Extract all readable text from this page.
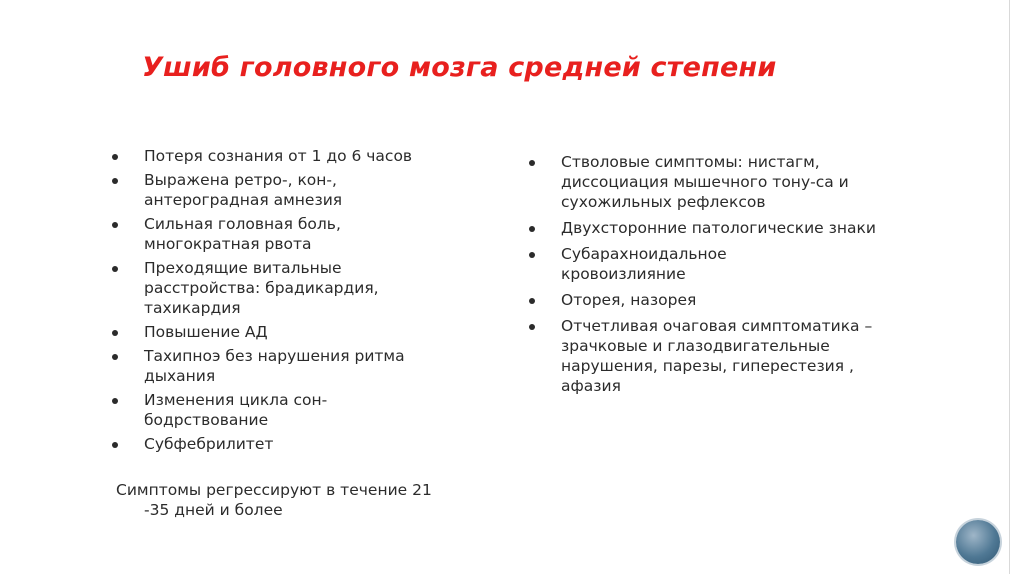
Ушиб головного мозга средней степени
Потеря сознания от 1 до 6 часов
Выражена ретро-, кон-, антероградная амнезия
Сильная головная боль, многократная рвота
Преходящие витальные расстройства: брадикардия, тахикардия
Повышение АД
Тахипноэ без нарушения ритма дыхания
Изменения цикла сон-бодрствование
Субфебрилитет
Симптомы регрессируют в течение 21
-35 дней и более
Стволовые симптомы: нистагм, диссоциация мышечного тону-са и сухожильных рефлексов
Двухсторонние патологические знаки
Субарахноидальное кровоизлияние
Оторея, назорея
Отчетливая очаговая симптоматика – зрачковые и глазодвигательные нарушения, парезы, гиперестезия , афазия
